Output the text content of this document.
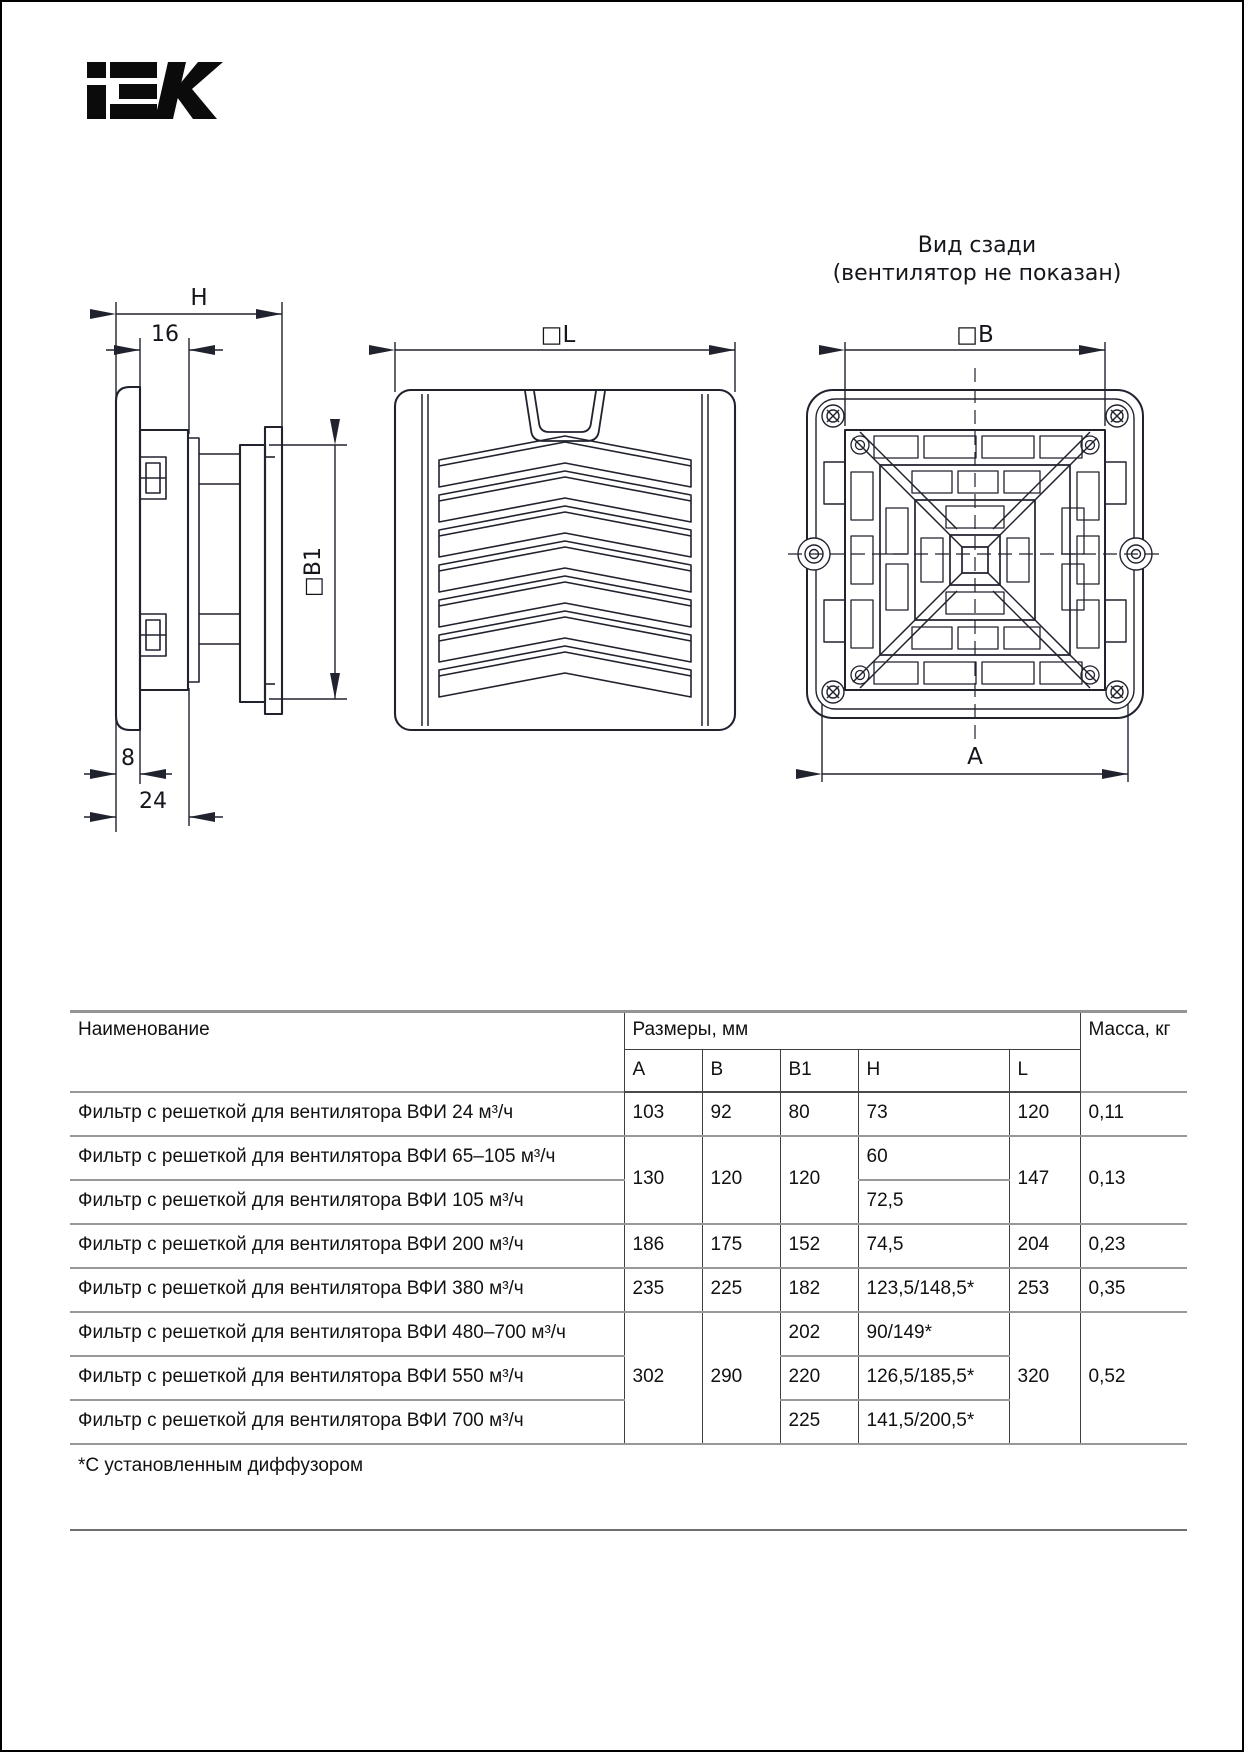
H
16
8
24
□B1
□L
Вид сзади
(вентилятор не показан)
□B
A
Наименование	Размеры, мм					Масса, кг
	A	B	B1	H	L	
Фильтр с решеткой для вентилятора ВФИ 24 м³/ч	103	92	80	73	120	0,11
Фильтр с решеткой для вентилятора ВФИ 65–105 м³/ч	130	120	120	60	147	0,13
Фильтр с решеткой для вентилятора ВФИ 105 м³/ч				72,5		
Фильтр с решеткой для вентилятора ВФИ 200 м³/ч	186	175	152	74,5	204	0,23
Фильтр с решеткой для вентилятора ВФИ 380 м³/ч	235	225	182	123,5/148,5*	253	0,35
Фильтр с решеткой для вентилятора ВФИ 480–700 м³/ч	302	290	202	90/149*	320	0,52
Фильтр с решеткой для вентилятора ВФИ 550 м³/ч			220	126,5/185,5*		
Фильтр с решеткой для вентилятора ВФИ 700 м³/ч			225	141,5/200,5*		
*С установленным диффузором						
